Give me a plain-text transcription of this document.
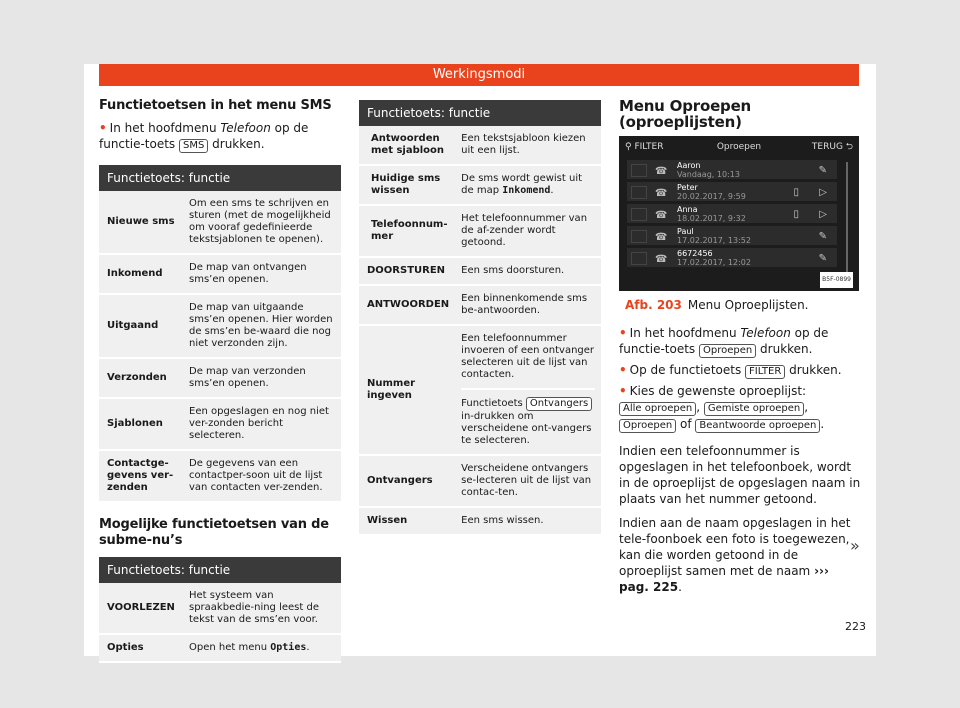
Werkingsmodi
Functietoetsen in het menu SMS
• In het hoofdmenu Telefoon op de functie-toets SMS drukken.
Functietoets: functie	
Nieuwe sms	Om een sms te schrijven en sturen (met de mogelijkheid om vooraf gedefinieerde tekstsjablonen te openen).
Inkomend	De map van ontvangen sms’en openen.
Uitgaand	De map van uitgaande sms’en openen. Hier worden de sms’en be-waard die nog niet verzonden zijn.
Verzonden	De map van verzonden sms’en openen.
Sjablonen	Een opgeslagen en nog niet ver-zonden bericht selecteren.
Contactge-gevens ver-zenden	De gegevens van een contactper-soon uit de lijst van contacten ver-zenden.
Mogelijke functietoetsen van de subme-nu’s
Functietoets: functie	
VOORLEZEN	Het systeem van spraakbedie-ning leest de tekst van de sms’en voor.
Opties	Open het menu Opties.
Functietoets: functie	
Antwoorden met sjabloon	Een tekstsjabloon kiezen uit een lijst.
Huidige sms wissen	De sms wordt gewist uit de map Inkomend.
Telefoonnum-mer	Het telefoonnummer van de af-zender wordt getoond.
DOORSTUREN	Een sms doorsturen.
ANTWOORDEN	Een binnenkomende sms be-antwoorden.
Nummer ingeven	Een telefoonnummer invoeren of een ontvanger selecteren uit de lijst van contacten.
Functietoets Ontvangers in-drukken om verscheidene ont-vangers te selecteren.

Ontvangers	Verscheidene ontvangers se-lecteren uit de lijst van contac-ten.
Wissen	Een sms wissen.
Menu Oproepen (oproeplijsten)
⚲ FILTER	Oproepen	TERUG ⮌
☎
Aaron
Vandaag, 10:13	✎
☎
Peter
20.02.2017, 9:59	▯ ▷
☎
Anna
18.02.2017, 9:32	▯ ▷
☎
Paul
17.02.2017, 13:52	✎
☎
6672456
17.02.2017, 12:02	✎
B5F-0899
Afb. 203 Menu Oproeplijsten.
• In het hoofdmenu Telefoon op de functie-toets Oproepen drukken.
• Op de functietoets FILTER drukken.
• Kies de gewenste oproeplijst: Alle oproepen , Gemiste oproepen , Oproepen of Beantwoorde oproepen .

Indien een telefoonnummer is opgeslagen in het telefoonboek, wordt in de oproeplijst de opgeslagen naam in plaats van het nummer getoond.

Indien aan de naam opgeslagen in het tele-foonboek een foto is toegewezen, kan die worden getoond in de oproeplijst samen met de naam ››› pag. 225.

»
223
